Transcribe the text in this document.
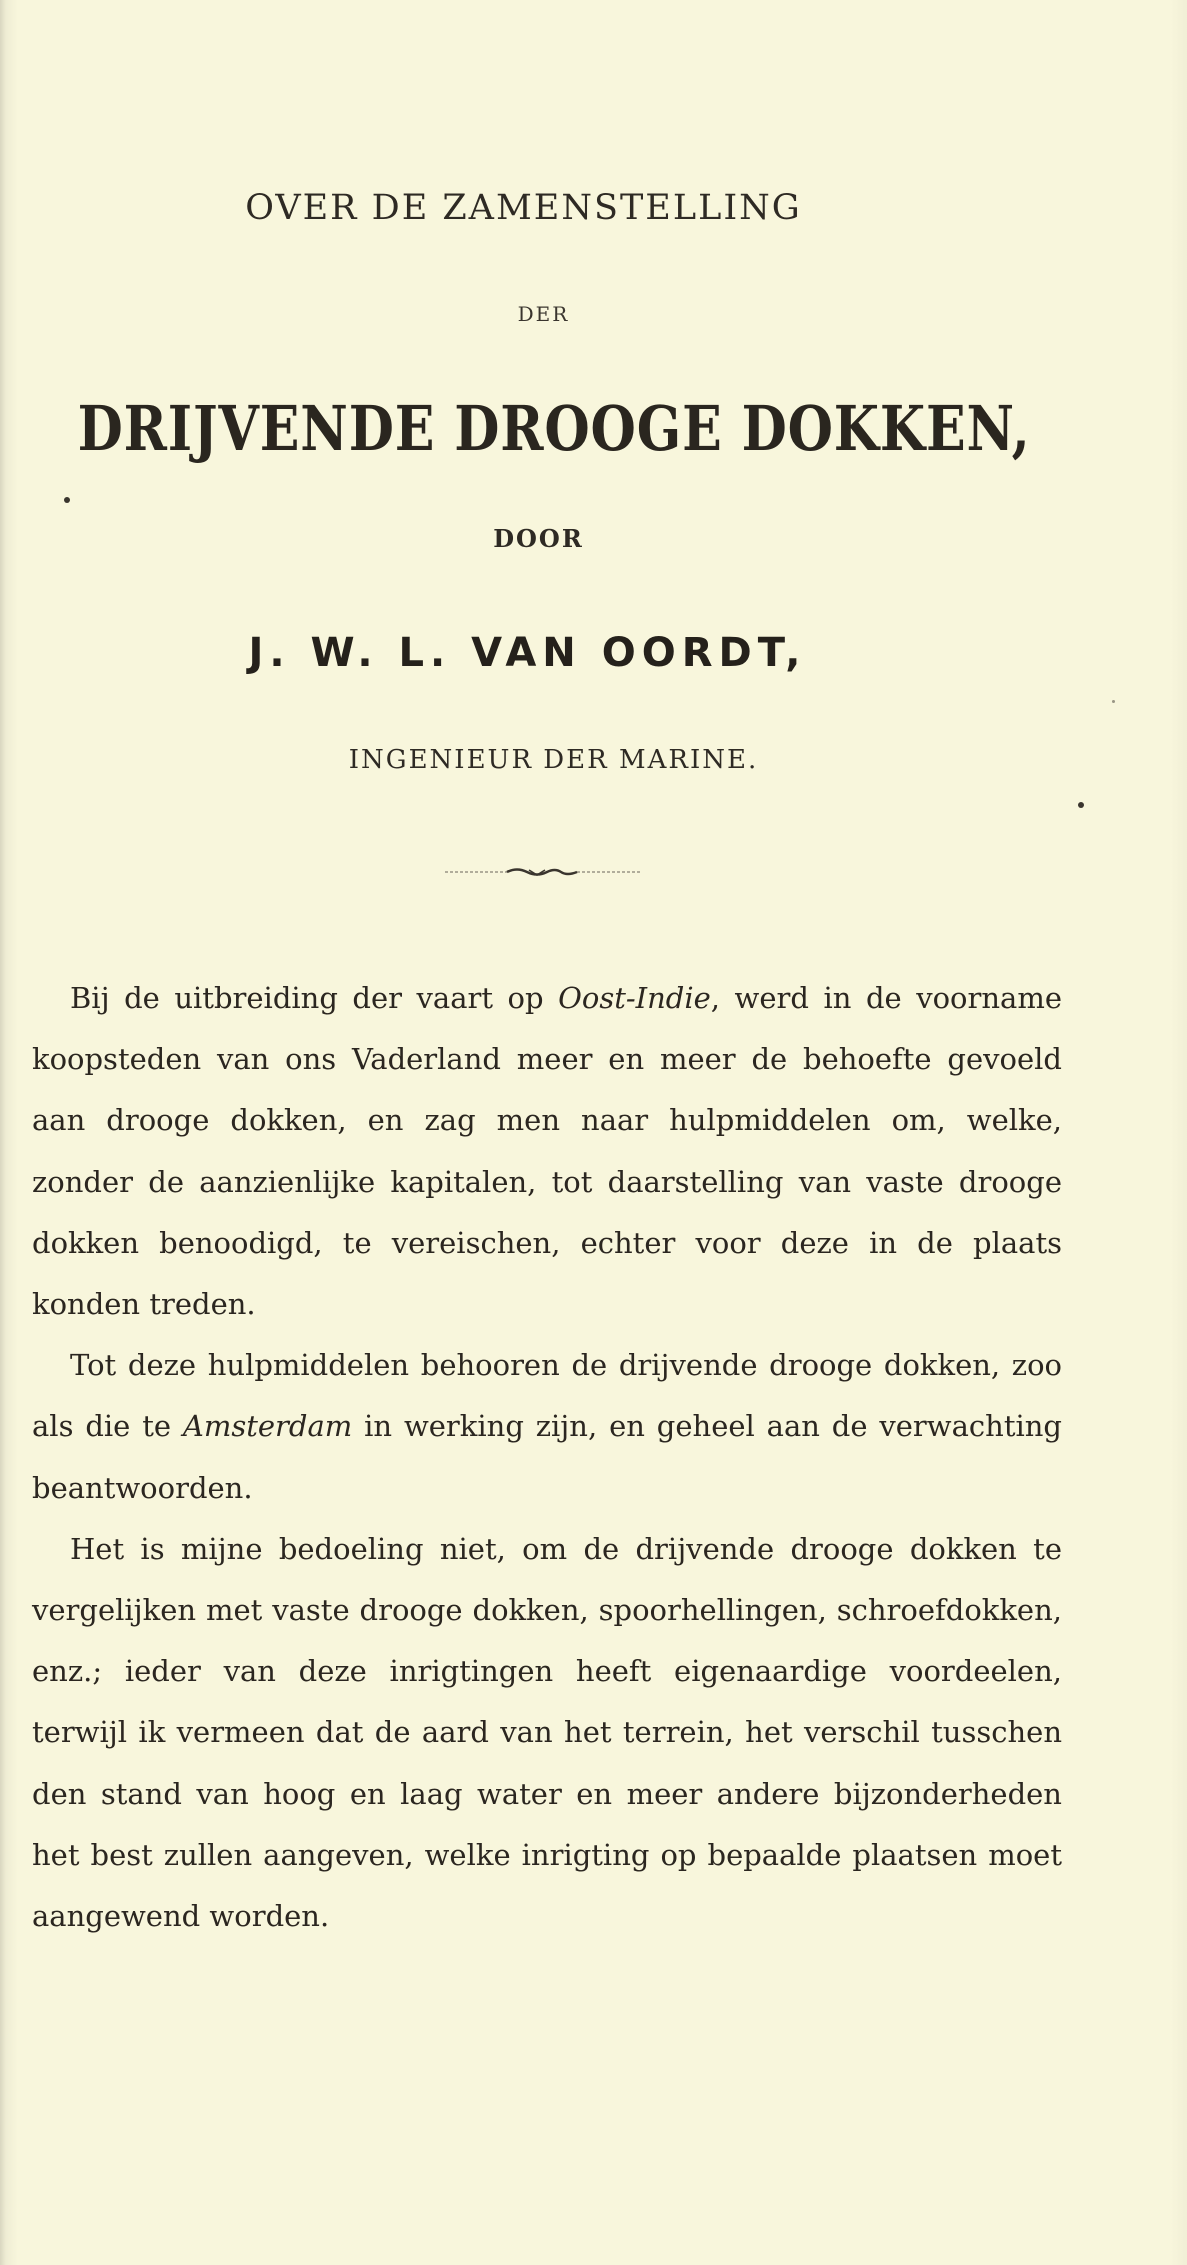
OVER DE ZAMENSTELLING
DER
DRIJVENDE DROOGE DOKKEN,
DOOR
J. W. L. VAN OORDT,
INGENIEUR DER MARINE.

Bij de uitbreiding der vaart op Oost-Indie, werd in de voorname koopsteden van ons Vaderland meer en meer de behoefte gevoeld aan drooge dokken, en zag men naar hulpmiddelen om, welke, zonder de aanzienlijke kapitalen, tot daarstelling van vaste drooge dokken benoodigd, te vereischen, echter voor deze in de plaats konden treden.

Tot deze hulpmiddelen behooren de drijvende drooge dokken, zoo als die te Amsterdam in werking zijn, en geheel aan de verwachting beantwoorden.

Het is mijne bedoeling niet, om de drijvende drooge dokken te vergelijken met vaste drooge dokken, spoorhellingen, schroefdokken, enz.; ieder van deze inrigtingen heeft eigenaardige voordeelen, terwijl ik vermeen dat de aard van het terrein, het verschil tusschen den stand van hoog en laag water en meer andere bijzonderheden het best zullen aangeven, welke inrigting op bepaalde plaatsen moet aangewend worden.
